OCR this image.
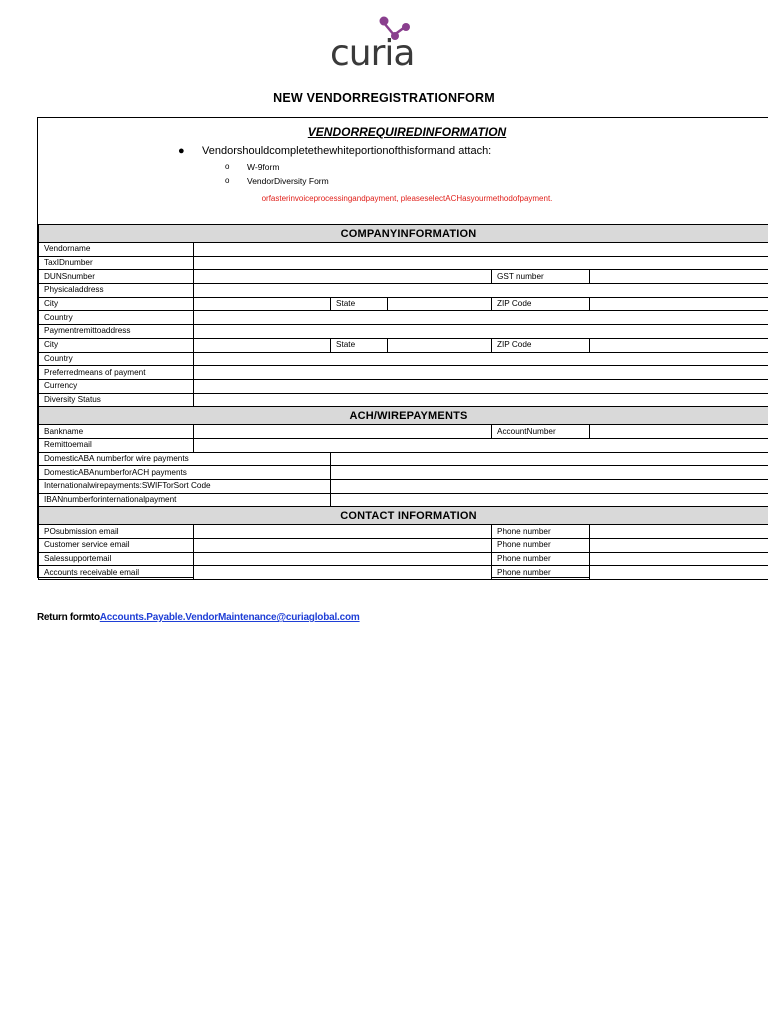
curia
NEW VENDORREGISTRATIONFORM
VENDORREQUIREDINFORMATION
● Vendorshouldcompletethewhiteportionofthisformand attach:
o W-9form
o VendorDiversity Form
orfasterinvoiceprocessingandpayment, pleaseselectACHasyourmethodofpayment.
COMPANYINFORMATION					
Vendorname					
TaxIDnumber					
DUNSnumber				GST number	
Physicaladdress					
City		State		ZIP Code	
Country					
Paymentremittoaddress					
City		State		ZIP Code	
Country					
Preferredmeans of payment					
Currency					
Diversity Status					
ACH/WIREPAYMENTS					
Bankname				AccountNumber	
Remittoemail					
DomesticABA numberfor wire payments					
DomesticABAnumberforACH payments					
Internationalwirepayments:SWIFTorSort Code					
IBANnumberforinternationalpayment					
CONTACT INFORMATION					
POsubmission email				Phone number	
Customer service email				Phone number	
Salessupportemail				Phone number	
Accounts receivable email				Phone number	
Return formtoAccounts.Payable.VendorMaintenance@curiaglobal.com
